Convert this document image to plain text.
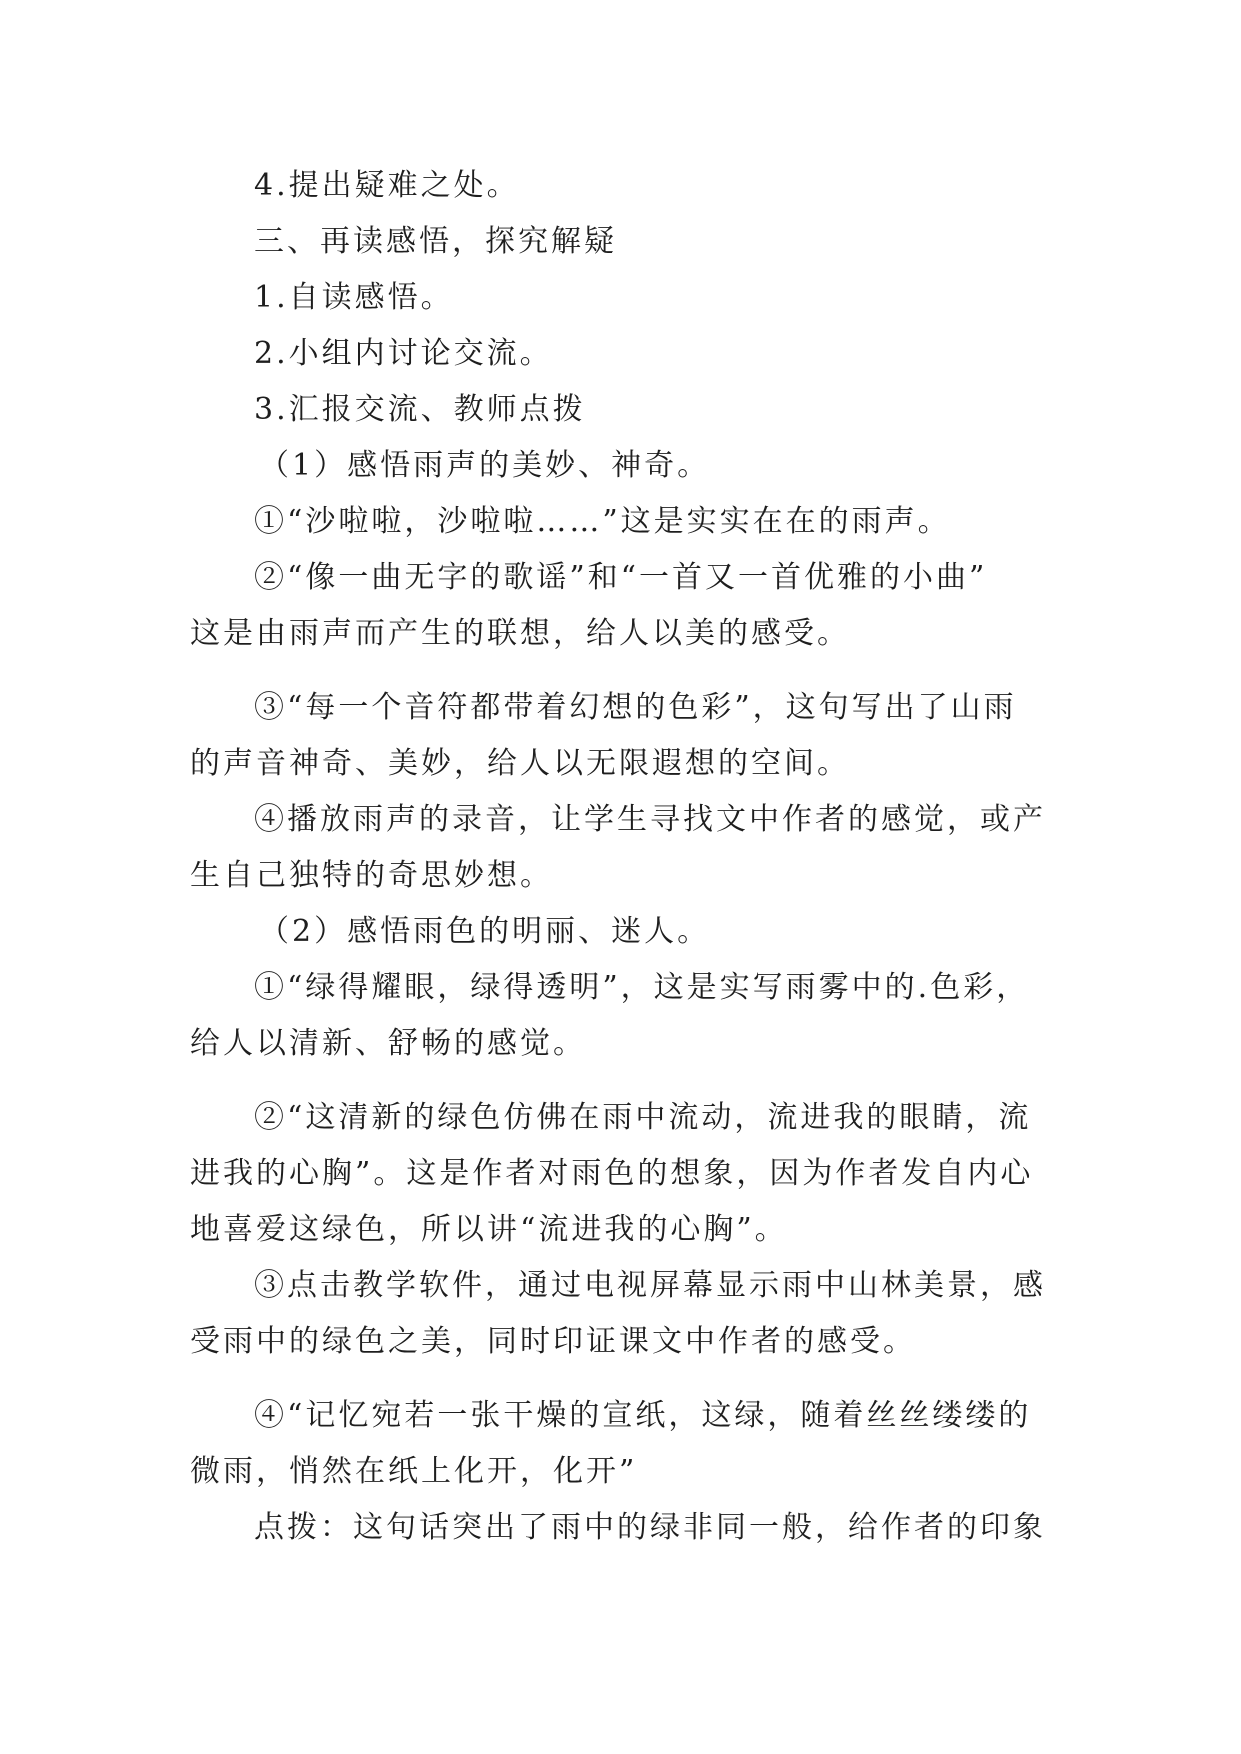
4.提出疑难之处。
三、再读感悟，探究解疑
1.自读感悟。
2.小组内讨论交流。
3.汇报交流、教师点拨
（1）感悟雨声的美妙、神奇。
①“沙啦啦，沙啦啦……”这是实实在在的雨声。
②“像一曲无字的歌谣”和“一首又一首优雅的小曲”
这是由雨声而产生的联想，给人以美的感受。
③“每一个音符都带着幻想的色彩”，这句写出了山雨
的声音神奇、美妙，给人以无限遐想的空间。
④播放雨声的录音，让学生寻找文中作者的感觉，或产
生自己独特的奇思妙想。
（2）感悟雨色的明丽、迷人。
①“绿得耀眼，绿得透明”，这是实写雨雾中的.色彩，
给人以清新、舒畅的感觉。
②“这清新的绿色仿佛在雨中流动，流进我的眼睛，流
进我的心胸”。这是作者对雨色的想象，因为作者发自内心
地喜爱这绿色，所以讲“流进我的心胸”。
③点击教学软件，通过电视屏幕显示雨中山林美景，感
受雨中的绿色之美，同时印证课文中作者的感受。
④“记忆宛若一张干燥的宣纸，这绿，随着丝丝缕缕的
微雨，悄然在纸上化开，化开”
点拨：这句话突出了雨中的绿非同一般，给作者的印象
